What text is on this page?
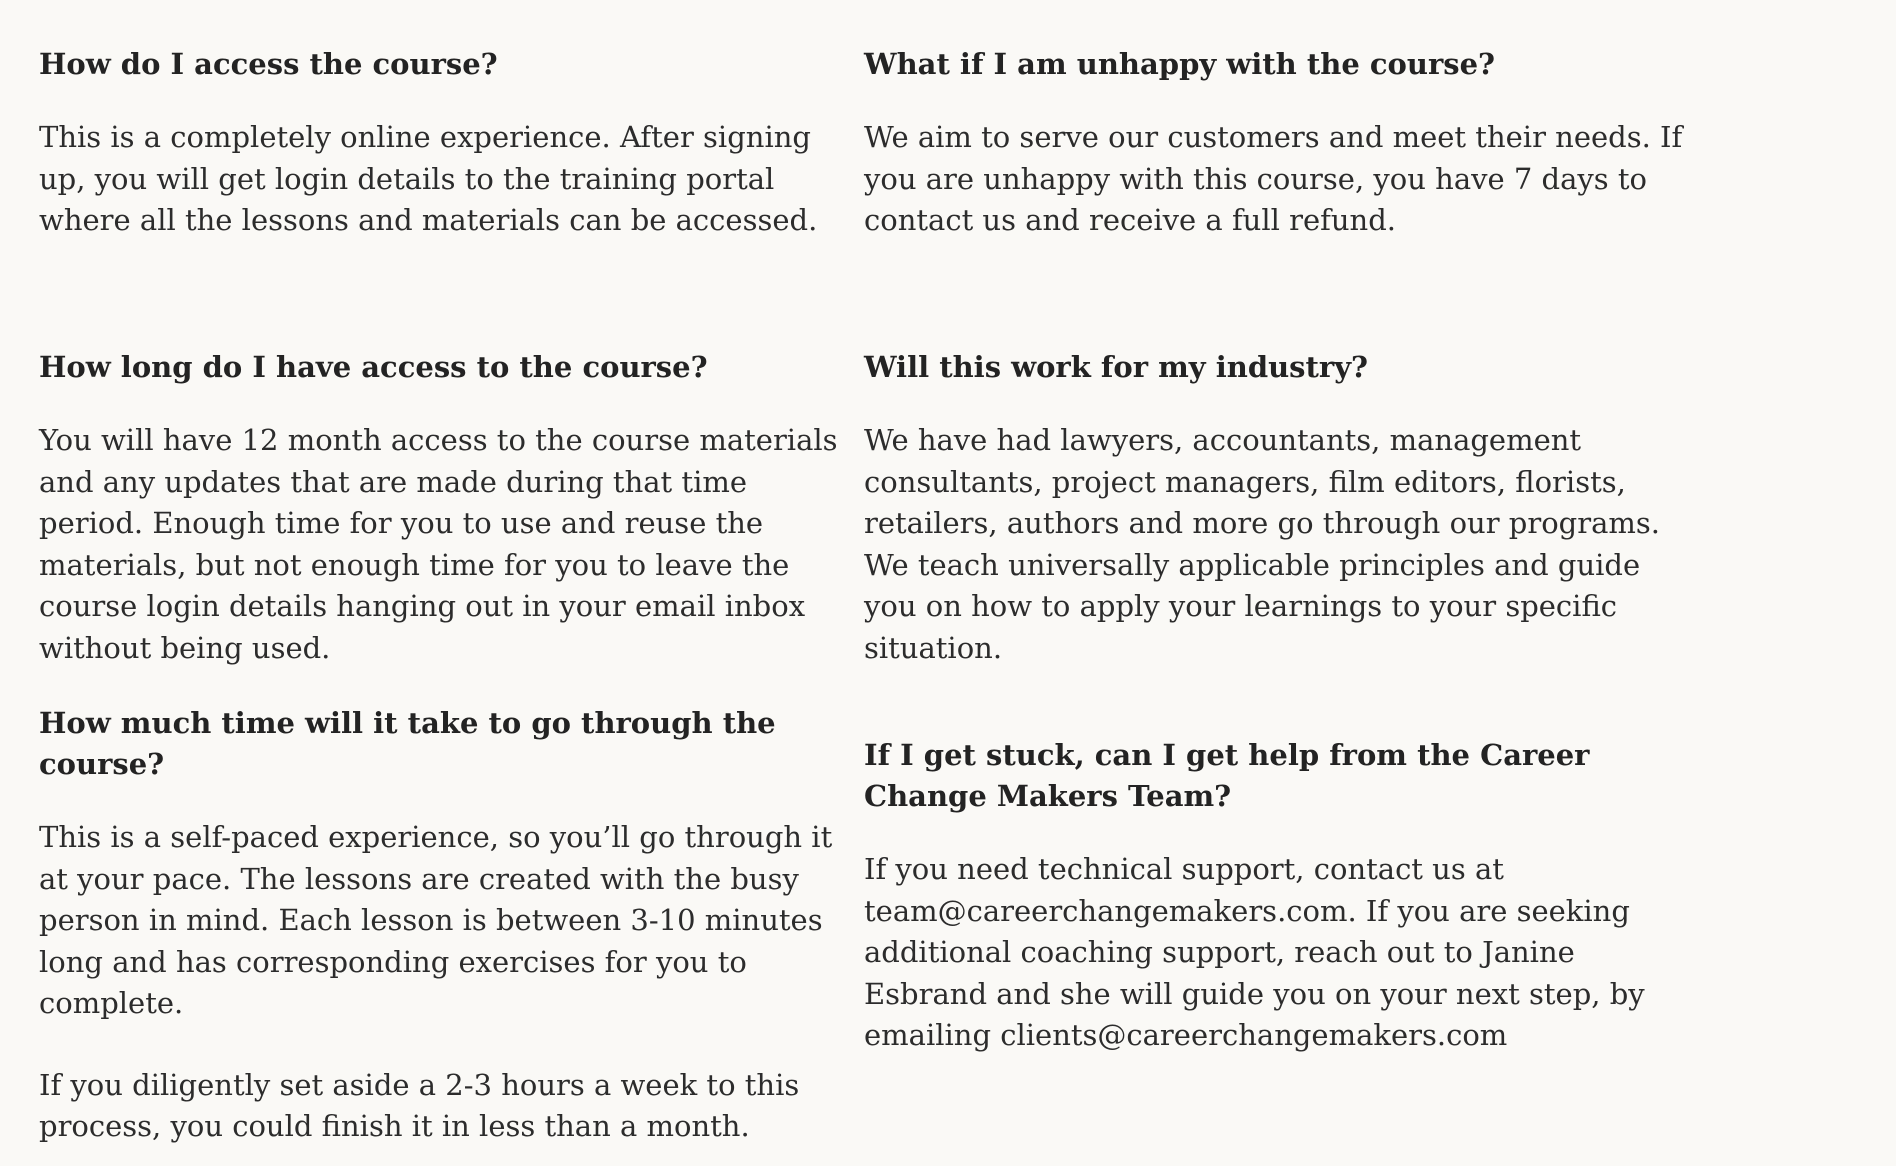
How do I access the course?

This is a completely online experience. After signing up, you will get login details to the training portal where all the lessons and materials can be accessed.

How long do I have access to the course?

You will have 12 month access to the course materials and any updates that are made during that time period. Enough time for you to use and reuse the materials, but not enough time for you to leave the course login details hanging out in your email inbox without being used.

How much time will it take to go through the course?

This is a self-paced experience, so you’ll go through it at your pace. The lessons are created with the busy person in mind. Each lesson is between 3-10 minutes long and has corresponding exercises for you to complete.

If you diligently set aside a 2-3 hours a week to this process, you could finish it in less than a month.

What if I am unhappy with the course?

We aim to serve our customers and meet their needs. If you are unhappy with this course, you have 7 days to contact us and receive a full refund.

Will this work for my industry?

We have had lawyers, accountants, management consultants, project managers, film editors, florists, retailers, authors and more go through our programs. We teach universally applicable principles and guide you on how to apply your learnings to your specific situation.

If I get stuck, can I get help from the Career Change Makers Team?

If you need technical support, contact us at team@careerchangemakers.com. If you are seeking additional coaching support, reach out to Janine Esbrand and she will guide you on your next step, by emailing clients@careerchangemakers.com
